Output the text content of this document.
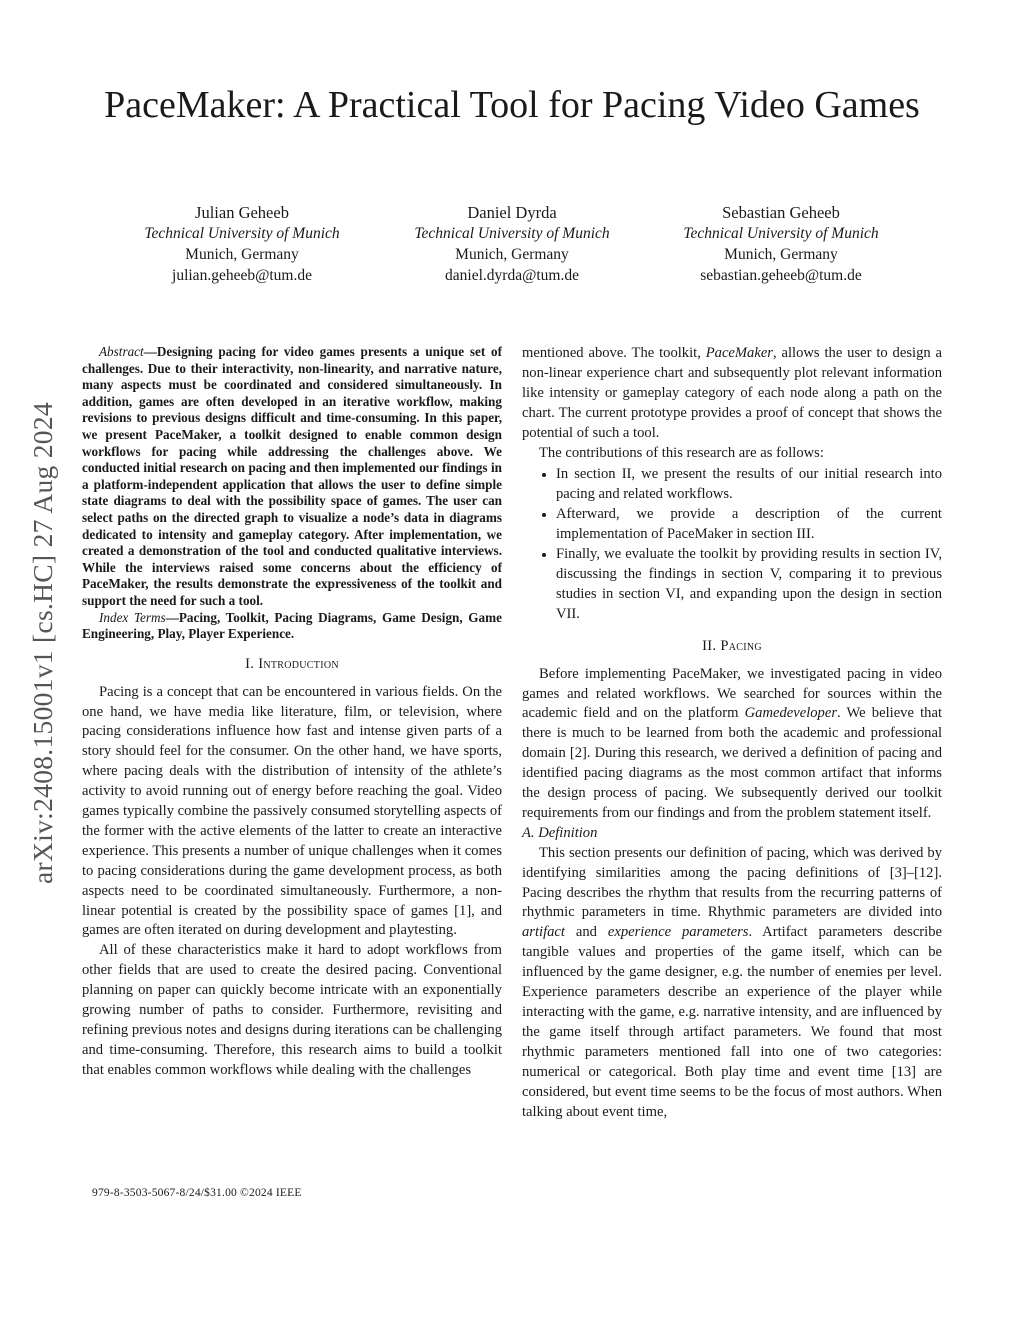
PaceMaker: A Practical Tool for Pacing Video Games
Julian Geheeb
Technical University of Munich
Munich, Germany
julian.geheeb@tum.de
Daniel Dyrda
Technical University of Munich
Munich, Germany
daniel.dyrda@tum.de
Sebastian Geheeb
Technical University of Munich
Munich, Germany
sebastian.geheeb@tum.de
arXiv:2408.15001v1 [cs.HC] 27 Aug 2024

Abstract—Designing pacing for video games presents a unique set of challenges. Due to their interactivity, non-linearity, and narrative nature, many aspects must be coordinated and considered simultaneously. In addition, games are often developed in an iterative workflow, making revisions to previous designs difficult and time-consuming. In this paper, we present PaceMaker, a toolkit designed to enable common design workflows for pacing while addressing the challenges above. We conducted initial research on pacing and then implemented our findings in a platform-independent application that allows the user to define simple state diagrams to deal with the possibility space of games. The user can select paths on the directed graph to visualize a node’s data in diagrams dedicated to intensity and gameplay category. After implementation, we created a demonstration of the tool and conducted qualitative interviews. While the interviews raised some concerns about the efficiency of PaceMaker, the results demonstrate the expressiveness of the toolkit and support the need for such a tool.

Index Terms—Pacing, Toolkit, Pacing Diagrams, Game Design, Game Engineering, Play, Player Experience.

I. Introduction

Pacing is a concept that can be encountered in various fields. On the one hand, we have media like literature, film, or television, where pacing considerations influence how fast and intense given parts of a story should feel for the consumer. On the other hand, we have sports, where pacing deals with the distribution of intensity of the athlete’s activity to avoid running out of energy before reaching the goal. Video games typically combine the passively consumed storytelling aspects of the former with the active elements of the latter to create an interactive experience. This presents a number of unique challenges when it comes to pacing considerations during the game development process, as both aspects need to be coordinated simultaneously. Furthermore, a non-linear potential is created by the possibility space of games [1], and games are often iterated on during development and playtesting.

All of these characteristics make it hard to adopt workflows from other fields that are used to create the desired pacing. Conventional planning on paper can quickly become intricate with an exponentially growing number of paths to consider. Furthermore, revisiting and refining previous notes and designs during iterations can be challenging and time-consuming. Therefore, this research aims to build a toolkit that enables common workflows while dealing with the challenges

mentioned above. The toolkit, PaceMaker, allows the user to design a non-linear experience chart and subsequently plot relevant information like intensity or gameplay category of each node along a path on the chart. The current prototype provides a proof of concept that shows the potential of such a tool.

The contributions of this research are as follows:

• In section II, we present the results of our initial research into pacing and related workflows.
• Afterward, we provide a description of the current implementation of PaceMaker in section III.
• Finally, we evaluate the toolkit by providing results in section IV, discussing the findings in section V, comparing it to previous studies in section VI, and expanding upon the design in section VII.
II. Pacing

Before implementing PaceMaker, we investigated pacing in video games and related workflows. We searched for sources within the academic field and on the platform Gamedeveloper. We believe that there is much to be learned from both the academic and professional domain [2]. During this research, we derived a definition of pacing and identified pacing diagrams as the most common artifact that informs the design process of pacing. We subsequently derived our toolkit requirements from our findings and from the problem statement itself.

A. Definition

This section presents our definition of pacing, which was derived by identifying similarities among the pacing definitions of [3]–[12]. Pacing describes the rhythm that results from the recurring patterns of rhythmic parameters in time. Rhythmic parameters are divided into artifact and experience parameters. Artifact parameters describe tangible values and properties of the game itself, which can be influenced by the game designer, e.g. the number of enemies per level. Experience parameters describe an experience of the player while interacting with the game, e.g. narrative intensity, and are influenced by the game itself through artifact parameters. We found that most rhythmic parameters mentioned fall into one of two categories: numerical or categorical. Both play time and event time [13] are considered, but event time seems to be the focus of most authors. When talking about event time,

979-8-3503-5067-8/24/$31.00 ©2024 IEEE
